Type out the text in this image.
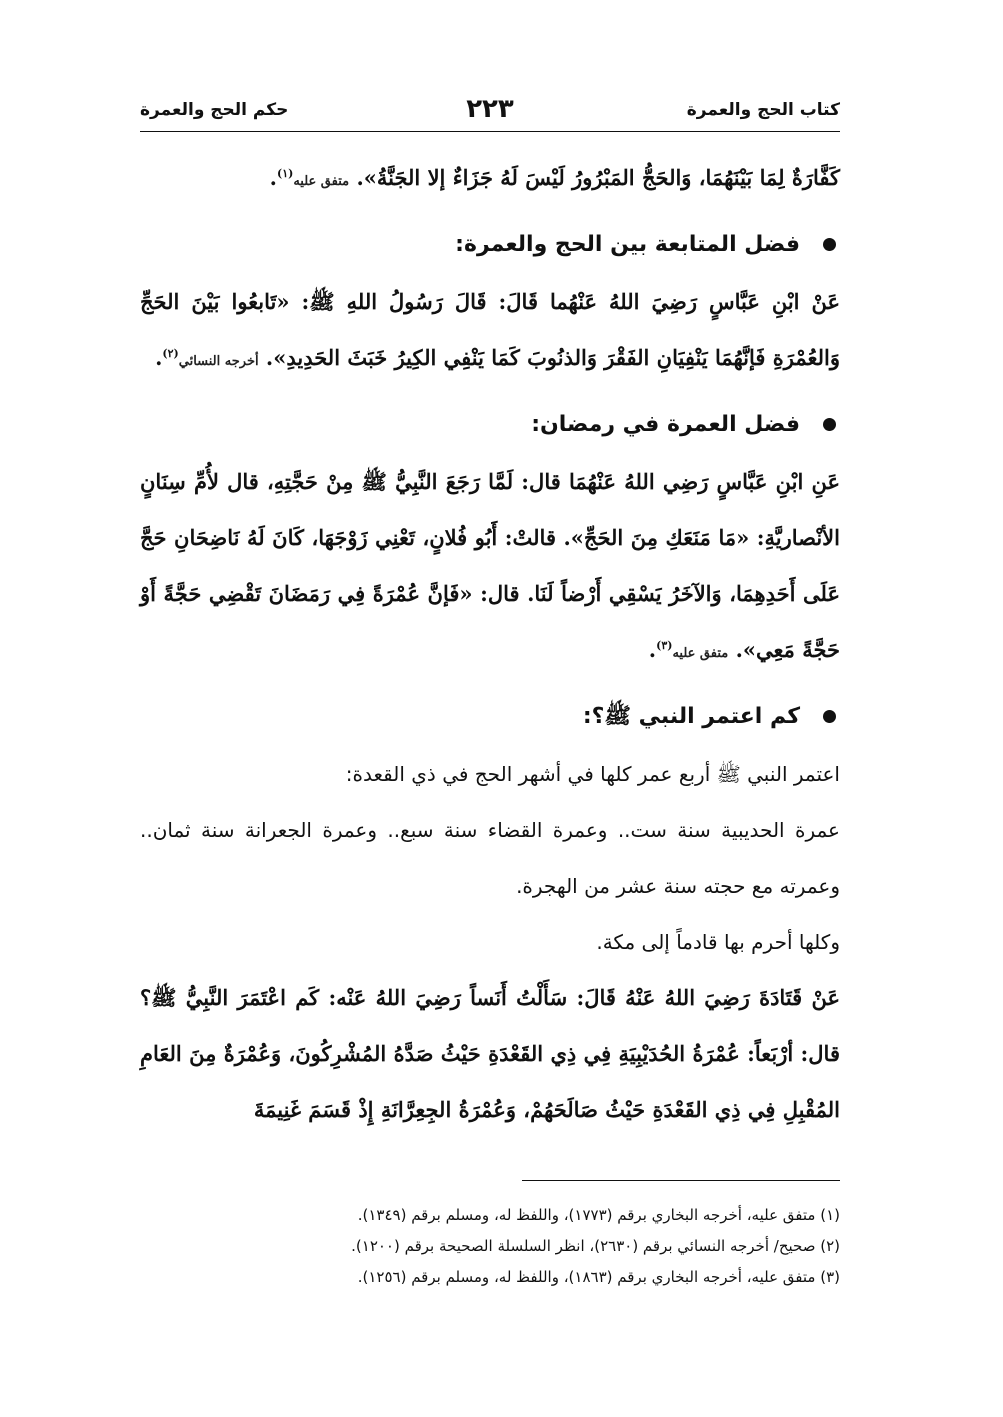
كتاب الحج والعمرة
٢٢٣
حكم الحج والعمرة

كَفَّارَةٌ لِمَا بَيْنَهُمَا، وَالحَجُّ المَبْرُورُ لَيْسَ لَهُ جَزَاءٌ إلا الجَنَّةُ». متفق عليه$^{(١)}$.

فضل المتابعة بين الحج والعمرة:

عَنْ ابْنِ عَبَّاسٍ رَضِيَ اللهُ عَنْهُما قَالَ: قَالَ رَسُولُ اللهِ ﷺ: «تَابعُوا بَيْنَ الحَجِّ وَالعُمْرَةِ فَإنَّهُمَا يَنْفِيَانِ الفَقْرَ وَالذنُوبَ كَمَا يَنْفِي الكِيرُ خَبَثَ الحَدِيدِ». أخرجه النسائي$^{(٢)}$.

فضل العمرة في رمضان:

عَنِ ابْنِ عَبَّاسٍ رَضِي اللهُ عَنْهُمَا قال: لَمَّا رَجَعَ النَّبِيُّ ﷺ مِنْ حَجَّتِهِ، قال لأُمِّ سِنَانٍ الأنْصاريَّةِ: «مَا مَنَعَكِ مِنَ الحَجِّ». قالتْ: أَبُو فُلانٍ، تَعْنِي زَوْجَهَا، كَانَ لَهُ نَاضِحَانِ حَجَّ عَلَى أَحَدِهِمَا، وَالآخَرُ يَسْقِي أَرْضاً لَنَا. قال: «فَإنَّ عُمْرَةً فِي رَمَضَانَ تَقْضِي حَجَّةً أَوْ حَجَّةً مَعِي». متفق عليه$^{(٣)}$.

كم اعتمر النبي ﷺ؟:

اعتمر النبي ﷺ أربع عمر كلها في أشهر الحج في ذي القعدة:

عمرة الحديبية سنة ست.. وعمرة القضاء سنة سبع.. وعمرة الجعرانة سنة ثمان.. وعمرته مع حجته سنة عشر من الهجرة.

وكلها أحرم بها قادماً إلى مكة.

عَنْ قَتَادَةَ رَضِيَ اللهُ عَنْهُ قَالَ: سَأَلْتُ أَنَساً رَضِيَ اللهُ عَنْه: كَم اعْتَمَرَ النَّبِيُّ ﷺ؟ قال: أرْبَعاً: عُمْرَةُ الحُدَيْبِيَةِ فِي ذِي القَعْدَةِ حَيْثُ صَدَّهُ المُشْرِكُونَ، وَعُمْرَةٌ مِنَ العَامِ المُقْبِلِ فِي ذِي القَعْدَةِ حَيْثُ صَالَحَهُمْ، وَعُمْرَةُ الجِعِرَّانَةِ إِذْ قَسَمَ غَنِيمَةَ

(١) متفق عليه، أخرجه البخاري برقم (١٧٧٣)، واللفظ له، ومسلم برقم (١٣٤٩).
(٢) صحيح/ أخرجه النسائي برقم (٢٦٣٠)، انظر السلسلة الصحيحة برقم (١٢٠٠).
(٣) متفق عليه، أخرجه البخاري برقم (١٨٦٣)، واللفظ له، ومسلم برقم (١٢٥٦).
